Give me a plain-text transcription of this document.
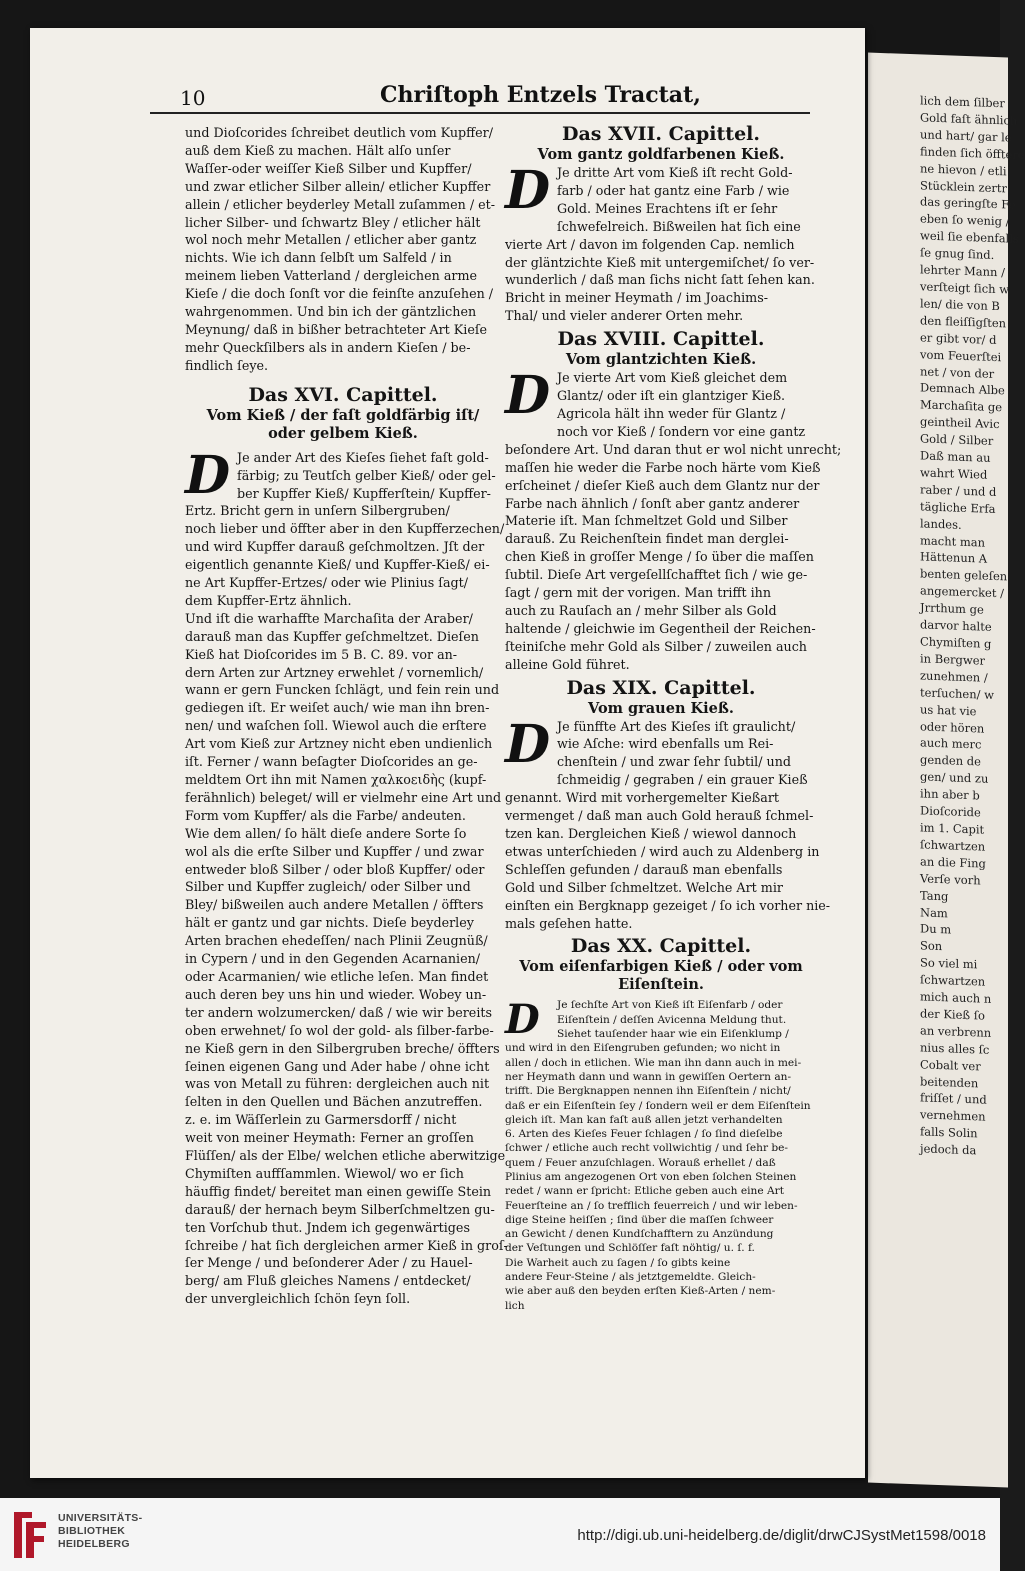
lich dem ſilber
Gold faſt ähnlich
und hart/ gar le
finden ſich öfftere
ne hievon / etli
Stücklein zertr
das geringſte Fe
eben ſo wenig /
weil ſie ebenfalls
ſe gnug ſind.
lehrter Mann /
verſteigt ſich w
len/ die von B
den fleiſſigſten
er gibt vor/ d
vom Feuerſtei
net / von der
Demnach Albe
Marchaſita ge
geintheil Avic
Gold / Silber
Daß man au
wahrt Wied
raber / und d
tägliche Erfa
landes.
macht man
Hättenun A
benten geleſen
angemercket /
Jrrthum ge
darvor halte
Chymiſten g
in Bergwer
zunehmen /
terſuchen/ w
us hat vie
oder hören
auch merc
genden de
gen/ und zu
ihn aber b
Dioſcoride
im 1. Capit
ſchwartzen
an die Fing
Verſe vorh
Tang
Nam
Du m
Son
So viel mi
ſchwartzen
mich auch n
der Kieß ſo
an verbrenn
nius alles ſc
Cobalt ver
beitenden
friſſet / und
vernehmen
falls Solin
jedoch da
10	Chriſtoph Entzels Tractat,
und Dioſcorides ſchreibet deutlich vom Kupffer/
auß dem Kieß zu machen. Hält alſo unſer
Waſſer-oder weiſſer Kieß Silber und Kupffer/
und zwar etlicher Silber allein/ etlicher Kupffer
allein / etlicher beyderley Metall zuſammen / et-
licher Silber- und ſchwartz Bley / etlicher hält
wol noch mehr Metallen / etlicher aber gantz
nichts. Wie ich dann ſelbſt um Salfeld / in
meinem lieben Vatterland / dergleichen arme
Kieſe / die doch ſonſt vor die feinſte anzuſehen /
wahrgenommen. Und bin ich der gäntzlichen
Meynung/ daß in bißher betrachteter Art Kieſe
mehr Queckſilbers als in andern Kieſen / be-
findlich ſeye.
Das XVI. Capittel.
Vom Kieß / der faſt goldfärbig iſt/
oder gelbem Kieß.
D Je ander Art des Kieſes ſiehet faſt gold-
färbig; zu Teutſch gelber Kieß/ oder gel-
ber Kupffer Kieß/ Kupfferſtein/ Kupffer-
Ertz. Bricht gern in unſern Silbergruben/
noch lieber und öffter aber in den Kupfferzechen/
und wird Kupffer darauß geſchmoltzen. Jſt der
eigentlich genannte Kieß/ und Kupffer-Kieß/ ei-
ne Art Kupffer-Ertzes/ oder wie Plinius ſagt/
dem Kupffer-Ertz ähnlich.
Und iſt die warhaffte Marchaſita der Araber/
darauß man das Kupffer geſchmeltzet. Dieſen
Kieß hat Dioſcorides im 5 B. C. 89. vor an-
dern Arten zur Artzney erwehlet / vornemlich/
wann er gern Funcken ſchlägt, und fein rein und
gediegen iſt. Er weiſet auch/ wie man ihn bren-
nen/ und waſchen ſoll. Wiewol auch die erſtere
Art vom Kieß zur Artzney nicht eben undienlich
iſt. Ferner / wann beſagter Dioſcorides an ge-
meldtem Ort ihn mit Namen χαλκοειδὴς (kupf-
ferähnlich) beleget/ will er vielmehr eine Art und
Form vom Kupffer/ als die Farbe/ andeuten.
Wie dem allen/ ſo hält dieſe andere Sorte ſo
wol als die erſte Silber und Kupffer / und zwar
entweder bloß Silber / oder bloß Kupffer/ oder
Silber und Kupffer zugleich/ oder Silber und
Bley/ bißweilen auch andere Metallen / öffters
hält er gantz und gar nichts. Dieſe beyderley
Arten brachen ehedeſſen/ nach Plinii Zeugnüß/
in Cypern / und in den Gegenden Acarnanien/
oder Acarmanien/ wie etliche leſen. Man findet
auch deren bey uns hin und wieder. Wobey un-
ter andern wolzumercken/ daß / wie wir bereits
oben erwehnet/ ſo wol der gold- als ſilber-farbe-
ne Kieß gern in den Silbergruben breche/ öffters
ſeinen eigenen Gang und Ader habe / ohne icht
was von Metall zu führen: dergleichen auch nit
ſelten in den Quellen und Bächen anzutreffen.
z. e. im Wäſſerlein zu Garmersdorff / nicht
weit von meiner Heymath: Ferner an groſſen
Flüſſen/ als der Elbe/ welchen etliche aberwitzige
Chymiſten auffſammlen. Wiewol/ wo er ſich
häuffig findet/ bereitet man einen gewiſſe Stein
darauß/ der hernach beym Silberſchmeltzen gu-
ten Vorſchub thut. Jndem ich gegenwärtiges
ſchreibe / hat ſich dergleichen armer Kieß in groſ-
ſer Menge / und beſonderer Ader / zu Hauel-
berg/ am Fluß gleiches Namens / entdecket/
der unvergleichlich ſchön ſeyn ſoll.
Das XVII. Capittel.
Vom gantz goldfarbenen Kieß.
D Je dritte Art vom Kieß iſt recht Gold-
farb / oder hat gantz eine Farb / wie
Gold. Meines Erachtens iſt er ſehr
ſchwefelreich. Bißweilen hat ſich eine
vierte Art / davon im folgenden Cap. nemlich
der gläntzichte Kieß mit untergemiſchet/ ſo ver-
wunderlich / daß man ſichs nicht ſatt ſehen kan.
Bricht in meiner Heymath / im Joachims-
Thal/ und vieler anderer Orten mehr.
Das XVIII. Capittel.
Vom glantzichten Kieß.
D Je vierte Art vom Kieß gleichet dem
Glantz/ oder iſt ein glantziger Kieß.
Agricola hält ihn weder für Glantz /
noch vor Kieß / ſondern vor eine gantz
beſondere Art. Und daran thut er wol nicht unrecht;
maſſen hie weder die Farbe noch härte vom Kieß
erſcheinet / dieſer Kieß auch dem Glantz nur der
Farbe nach ähnlich / ſonſt aber gantz anderer
Materie iſt. Man ſchmeltzet Gold und Silber
darauß. Zu Reichenſtein findet man derglei-
chen Kieß in groſſer Menge / ſo über die maſſen
ſubtil. Dieſe Art vergeſellſchafftet ſich / wie ge-
ſagt / gern mit der vorigen. Man trifft ihn
auch zu Rauſach an / mehr Silber als Gold
haltende / gleichwie im Gegentheil der Reichen-
ſteiniſche mehr Gold als Silber / zuweilen auch
alleine Gold führet.
Das XIX. Capittel.
Vom grauen Kieß.
D Je fünffte Art des Kieſes iſt graulicht/
wie Aſche: wird ebenfalls um Rei-
chenſtein / und zwar ſehr ſubtil/ und
ſchmeidig / gegraben / ein grauer Kieß
genannt. Wird mit vorhergemelter Kießart
vermenget / daß man auch Gold herauß ſchmel-
tzen kan. Dergleichen Kieß / wiewol dannoch
etwas unterſchieden / wird auch zu Aldenberg in
Schleſſen gefunden / darauß man ebenfalls
Gold und Silber ſchmeltzet. Welche Art mir
einſten ein Bergknapp gezeiget / ſo ich vorher nie-
mals geſehen hatte.
Das XX. Capittel.
Vom eiſenfarbigen Kieß / oder vom
Eiſenſtein.
D	Je ſechſte Art von Kieß iſt Eiſenfarb / oder
Eiſenſtein / deſſen Avicenna Meldung thut.
Siehet tauſender haar wie ein Eiſenklump /
und wird in den Eiſengruben gefunden; wo nicht in
allen / doch in etlichen. Wie man ihn dann auch in mei-
ner Heymath dann und wann in gewiſſen Oertern an-
trifft. Die Bergknappen nennen ihn Eiſenſtein / nicht/
daß er ein Eiſenſtein ſey / ſondern weil er dem Eiſenſtein
gleich iſt. Man kan faſt auß allen jetzt verhandelten
6. Arten des Kieſes Feuer ſchlagen / ſo ſind dieſelbe
ſchwer / etliche auch recht vollwichtig / und ſehr be-
quem / Feuer anzuſchlagen. Worauß erhellet / daß
Plinius am angezogenen Ort von eben ſolchen Steinen
redet / wann er ſpricht: Etliche geben auch eine Art
Feuerſteine an / ſo trefflich feuerreich / und wir leben-
dige Steine heiſſen ; ſind über die maſſen ſchweer
an Gewicht / denen Kundſchafftern zu Anzündung
der Veſtungen und Schlöſſer faſt nöhtig/ u. ſ. f.
Die Warheit auch zu ſagen / ſo gibts keine
andere Feur-Steine / als jetztgemeldte. Gleich-
wie aber auß den beyden erſten Kieß-Arten / nem-
lich
UNIVERSITÄTS-
BIBLIOTHEK
HEIDELBERG	http://digi.ub.uni-heidelberg.de/diglit/drwCJSystMet1598/0018
